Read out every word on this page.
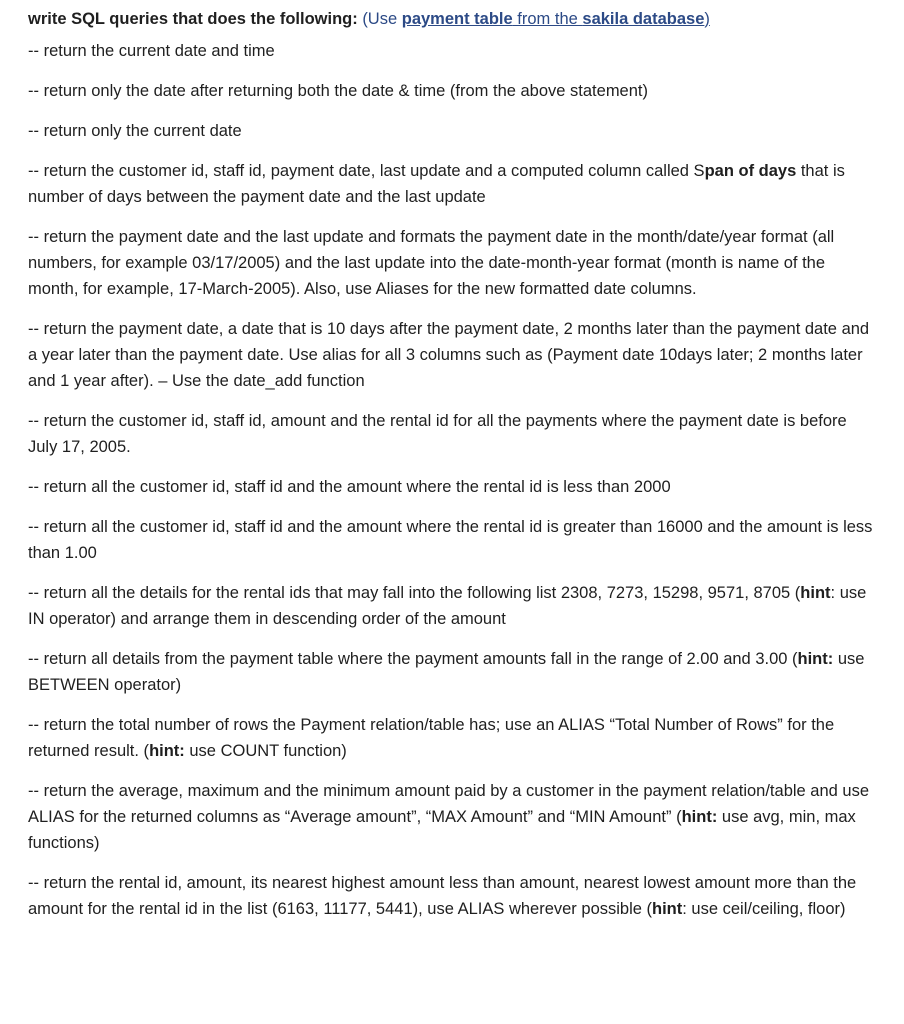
write SQL queries that does the following: (Use payment table from the sakila database)
-- return the current date and time
-- return only the date after returning both the date & time (from the above statement)
-- return only the current date
-- return the customer id, staff id, payment date, last update and a computed column called Span of days that is number of days between the payment date and the last update
-- return the payment date and the last update and formats the payment date in the month/date/year format (all numbers, for example 03/17/2005) and the last update into the date-month-year format (month is name of the month, for example, 17-March-2005). Also, use Aliases for the new formatted date columns.
-- return the payment date, a date that is 10 days after the payment date, 2 months later than the payment date and a year later than the payment date. Use alias for all 3 columns such as (Payment date 10days later; 2 months later and 1 year after). – Use the date_add function
-- return the customer id, staff id, amount and the rental id for all the payments where the payment date is before July 17, 2005.
-- return all the customer id, staff id and the amount where the rental id is less than 2000
-- return all the customer id, staff id and the amount where the rental id is greater than 16000 and the amount is less than 1.00
-- return all the details for the rental ids that may fall into the following list 2308, 7273, 15298, 9571, 8705 (hint: use IN operator) and arrange them in descending order of the amount
-- return all details from the payment table where the payment amounts fall in the range of 2.00 and 3.00 (hint: use BETWEEN operator)
-- return the total number of rows the Payment relation/table has; use an ALIAS “Total Number of Rows” for the returned result. (hint: use COUNT function)
-- return the average, maximum and the minimum amount paid by a customer in the payment relation/table and use ALIAS for the returned columns as “Average amount”, “MAX Amount” and “MIN Amount” (hint: use avg, min, max functions)
-- return the rental id, amount, its nearest highest amount less than amount, nearest lowest amount more than the amount for the rental id in the list (6163, 11177, 5441), use ALIAS wherever possible (hint: use ceil/ceiling, floor)
